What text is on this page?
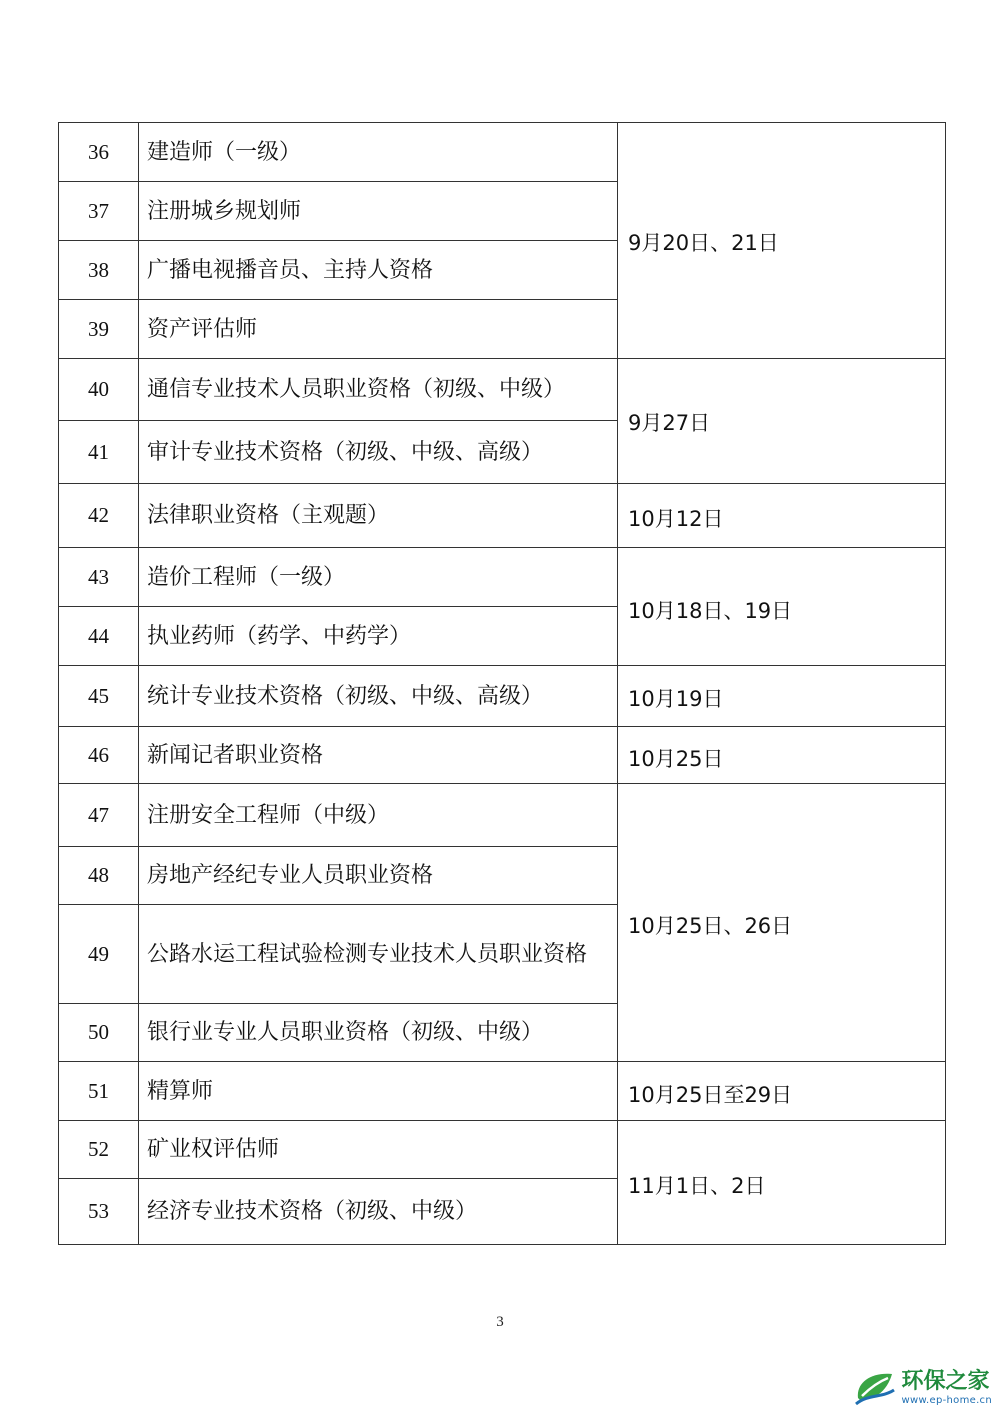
36	建造师（一级）	9月20日、21日

37	注册城乡规划师	
38	广播电视播音员、主持人资格	
39	资产评估师	
40	通信专业技术人员职业资格（初级、中级）	9月27日

41	审计专业技术资格（初级、中级、高级）	
42	法律职业资格（主观题）	10月12日

43	造价工程师（一级）	10月18日、19日

44	执业药师（药学、中药学）	
45	统计专业技术资格（初级、中级、高级）	10月19日

46	新闻记者职业资格	10月25日

47	注册安全工程师（中级）	10月25日、26日

48	房地产经纪专业人员职业资格	
49	公路水运工程试验检测专业技术人员职业资格	
50	银行业专业人员职业资格（初级、中级）	
51	精算师	10月25日至29日

52	矿业权评估师	11月1日、2日

53	经济专业技术资格（初级、中级）	
3
环保之家
www.ep-home.cn
